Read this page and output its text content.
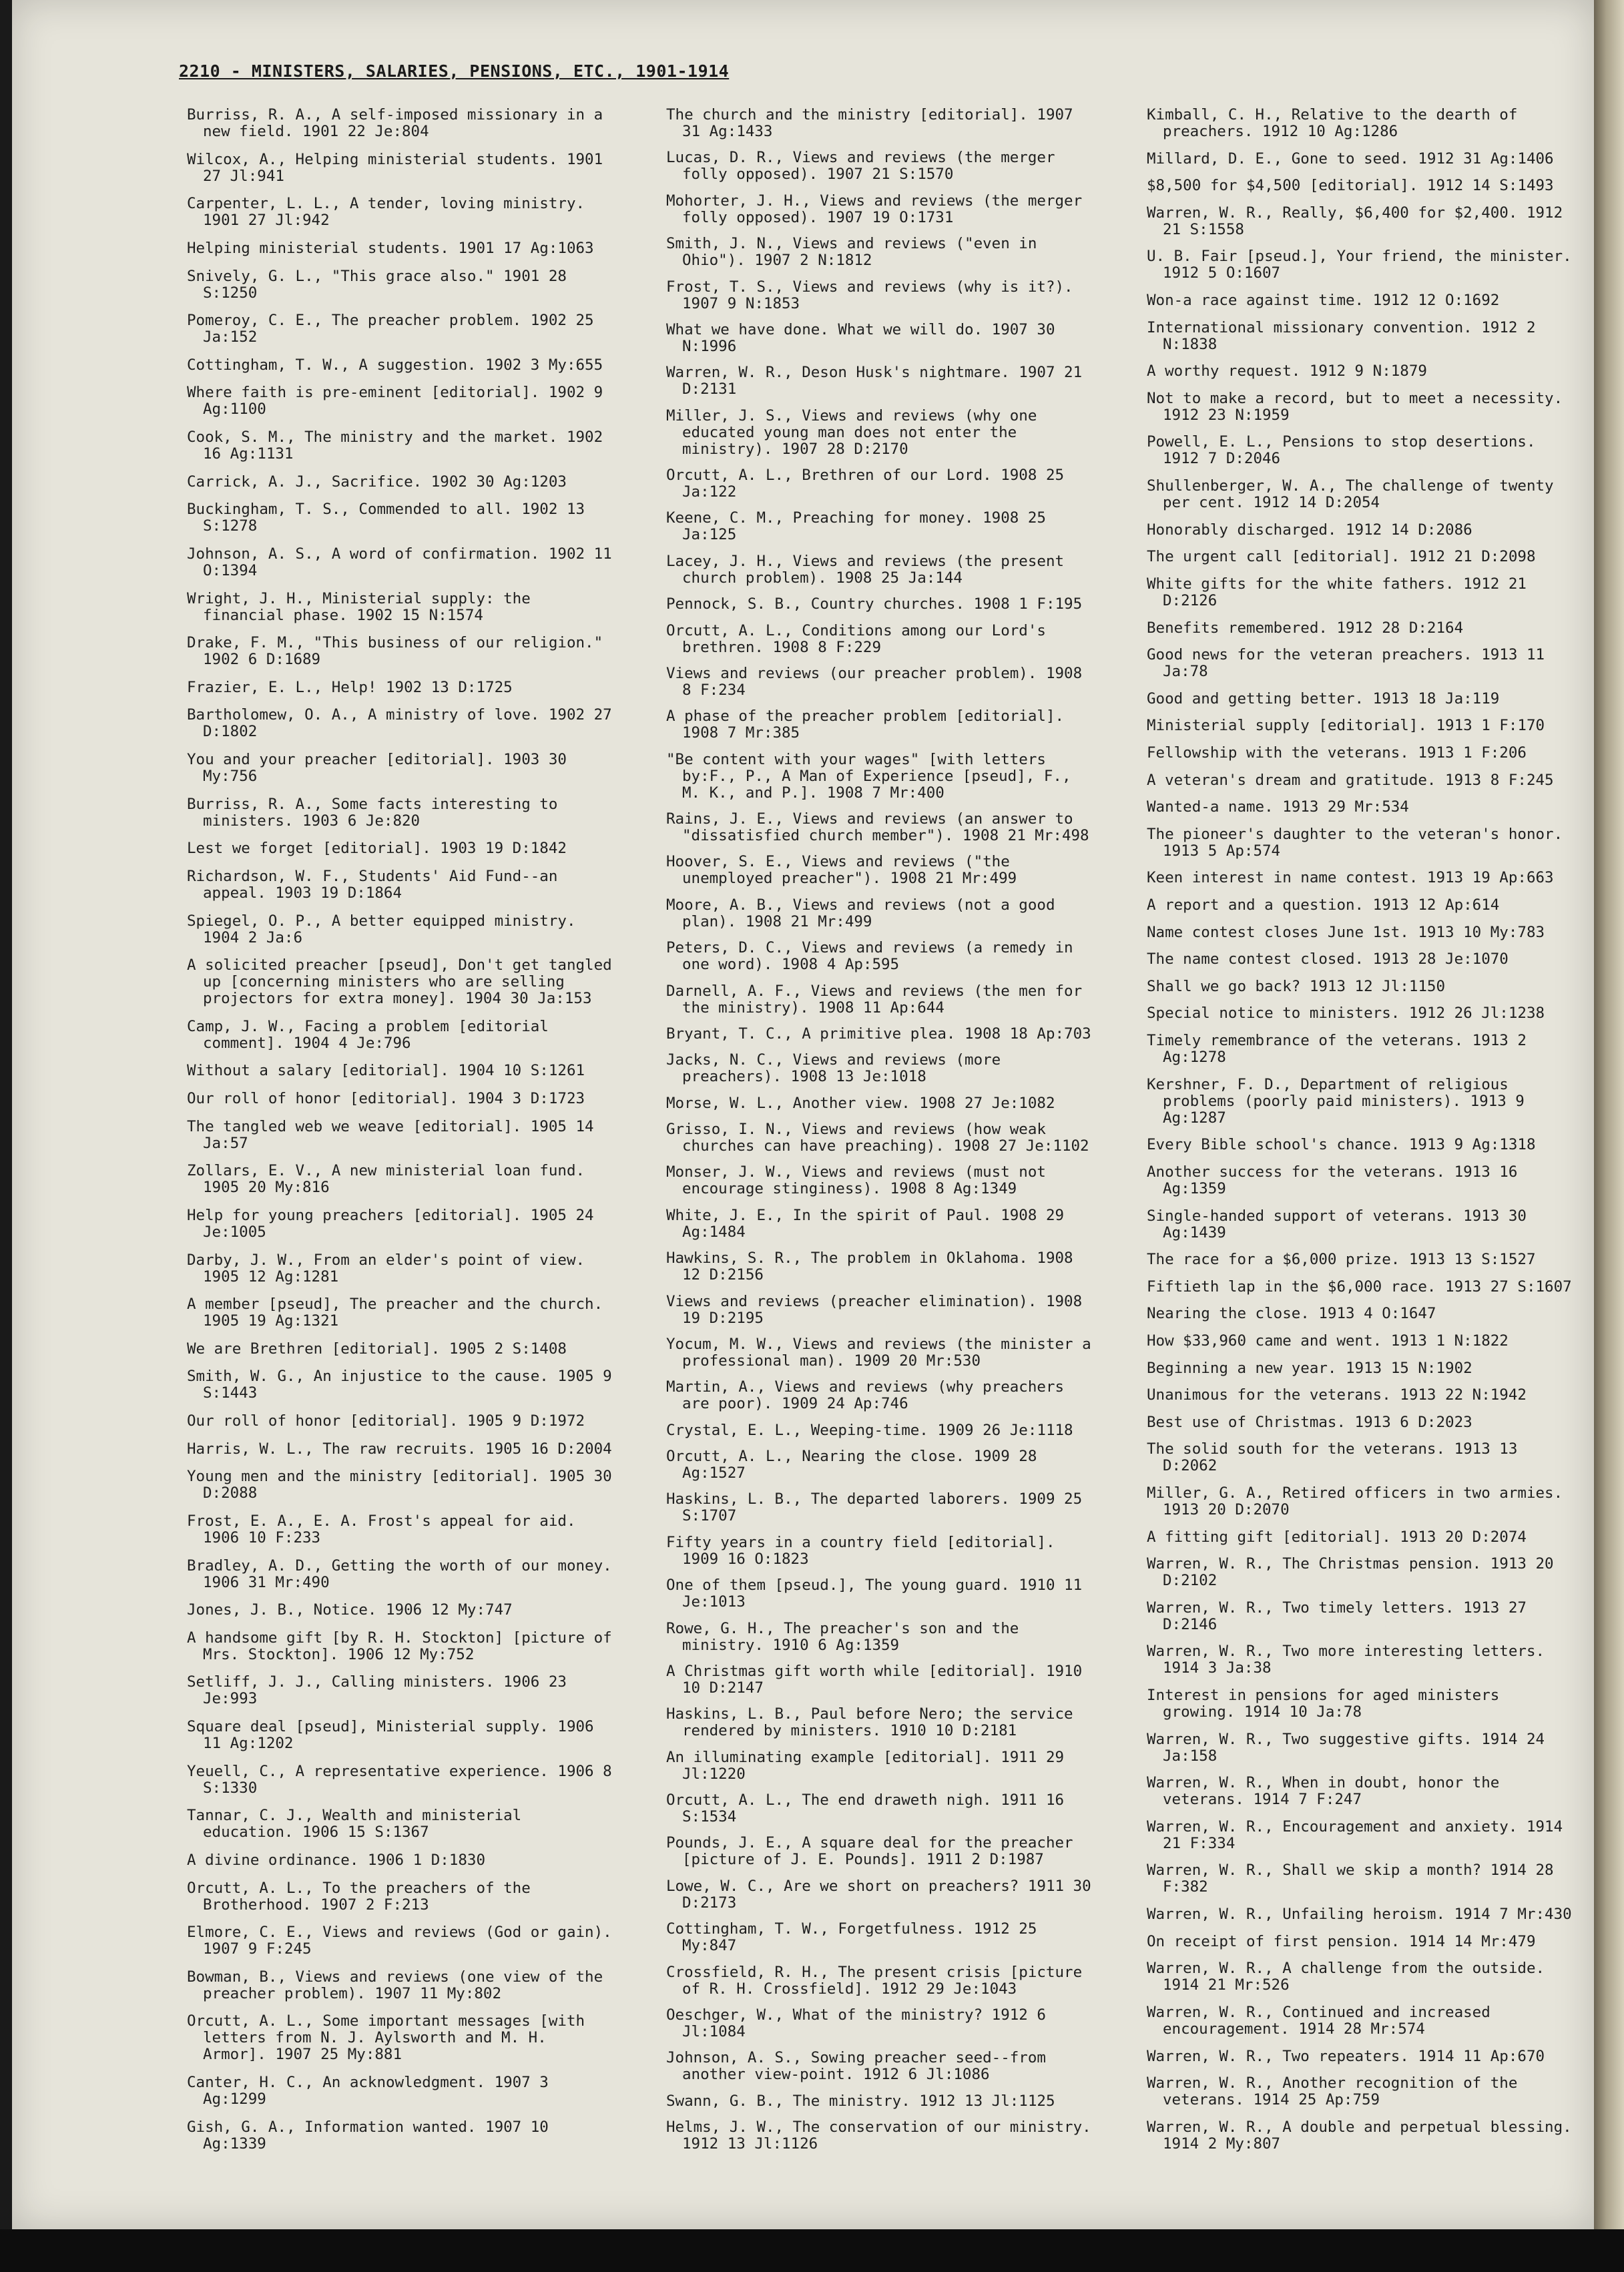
2210 - MINISTERS, SALARIES, PENSIONS, ETC., 1901-1914
Burriss, R. A., A self-imposed missionary in a new field. 1901 22 Je:804
Wilcox, A., Helping ministerial students. 1901 27 Jl:941
Carpenter, L. L., A tender, loving ministry. 1901 27 Jl:942
Helping ministerial students. 1901 17 Ag:1063
Snively, G. L., "This grace also." 1901 28 S:1250
Pomeroy, C. E., The preacher problem. 1902 25 Ja:152
Cottingham, T. W., A suggestion. 1902 3 My:655
Where faith is pre-eminent [editorial]. 1902 9 Ag:1100
Cook, S. M., The ministry and the market. 1902 16 Ag:1131
Carrick, A. J., Sacrifice. 1902 30 Ag:1203
Buckingham, T. S., Commended to all. 1902 13 S:1278
Johnson, A. S., A word of confirmation. 1902 11 O:1394
Wright, J. H., Ministerial supply: the financial phase. 1902 15 N:1574
Drake, F. M., "This business of our religion." 1902 6 D:1689
Frazier, E. L., Help! 1902 13 D:1725
Bartholomew, O. A., A ministry of love. 1902 27 D:1802
You and your preacher [editorial]. 1903 30 My:756
Burriss, R. A., Some facts interesting to ministers. 1903 6 Je:820
Lest we forget [editorial]. 1903 19 D:1842
Richardson, W. F., Students' Aid Fund--an appeal. 1903 19 D:1864
Spiegel, O. P., A better equipped ministry. 1904 2 Ja:6
A solicited preacher [pseud], Don't get tangled up [concerning ministers who are selling projectors for extra money]. 1904 30 Ja:153
Camp, J. W., Facing a problem [editorial comment]. 1904 4 Je:796
Without a salary [editorial]. 1904 10 S:1261
Our roll of honor [editorial]. 1904 3 D:1723
The tangled web we weave [editorial]. 1905 14 Ja:57
Zollars, E. V., A new ministerial loan fund. 1905 20 My:816
Help for young preachers [editorial]. 1905 24 Je:1005
Darby, J. W., From an elder's point of view. 1905 12 Ag:1281
A member [pseud], The preacher and the church. 1905 19 Ag:1321
We are Brethren [editorial]. 1905 2 S:1408
Smith, W. G., An injustice to the cause. 1905 9 S:1443
Our roll of honor [editorial]. 1905 9 D:1972
Harris, W. L., The raw recruits. 1905 16 D:2004
Young men and the ministry [editorial]. 1905 30 D:2088
Frost, E. A., E. A. Frost's appeal for aid. 1906 10 F:233
Bradley, A. D., Getting the worth of our money. 1906 31 Mr:490
Jones, J. B., Notice. 1906 12 My:747
A handsome gift [by R. H. Stockton] [picture of Mrs. Stockton]. 1906 12 My:752
Setliff, J. J., Calling ministers. 1906 23 Je:993
Square deal [pseud], Ministerial supply. 1906 11 Ag:1202
Yeuell, C., A representative experience. 1906 8 S:1330
Tannar, C. J., Wealth and ministerial education. 1906 15 S:1367
A divine ordinance. 1906 1 D:1830
Orcutt, A. L., To the preachers of the Brotherhood. 1907 2 F:213
Elmore, C. E., Views and reviews (God or gain). 1907 9 F:245
Bowman, B., Views and reviews (one view of the preacher problem). 1907 11 My:802
Orcutt, A. L., Some important messages [with letters from N. J. Aylsworth and M. H. Armor]. 1907 25 My:881
Canter, H. C., An acknowledgment. 1907 3 Ag:1299
Gish, G. A., Information wanted. 1907 10 Ag:1339
The church and the ministry [editorial]. 1907 31 Ag:1433
Lucas, D. R., Views and reviews (the merger folly opposed). 1907 21 S:1570
Mohorter, J. H., Views and reviews (the merger folly opposed). 1907 19 O:1731
Smith, J. N., Views and reviews ("even in Ohio"). 1907 2 N:1812
Frost, T. S., Views and reviews (why is it?). 1907 9 N:1853
What we have done. What we will do. 1907 30 N:1996
Warren, W. R., Deson Husk's nightmare. 1907 21 D:2131
Miller, J. S., Views and reviews (why one educated young man does not enter the ministry). 1907 28 D:2170
Orcutt, A. L., Brethren of our Lord. 1908 25 Ja:122
Keene, C. M., Preaching for money. 1908 25 Ja:125
Lacey, J. H., Views and reviews (the present church problem). 1908 25 Ja:144
Pennock, S. B., Country churches. 1908 1 F:195
Orcutt, A. L., Conditions among our Lord's brethren. 1908 8 F:229
Views and reviews (our preacher problem). 1908 8 F:234
A phase of the preacher problem [editorial]. 1908 7 Mr:385
"Be content with your wages" [with letters by:F., P., A Man of Experience [pseud], F., M. K., and P.]. 1908 7 Mr:400
Rains, J. E., Views and reviews (an answer to "dissatisfied church member"). 1908 21 Mr:498
Hoover, S. E., Views and reviews ("the unemployed preacher"). 1908 21 Mr:499
Moore, A. B., Views and reviews (not a good plan). 1908 21 Mr:499
Peters, D. C., Views and reviews (a remedy in one word). 1908 4 Ap:595
Darnell, A. F., Views and reviews (the men for the ministry). 1908 11 Ap:644
Bryant, T. C., A primitive plea. 1908 18 Ap:703
Jacks, N. C., Views and reviews (more preachers). 1908 13 Je:1018
Morse, W. L., Another view. 1908 27 Je:1082
Grisso, I. N., Views and reviews (how weak churches can have preaching). 1908 27 Je:1102
Monser, J. W., Views and reviews (must not encourage stinginess). 1908 8 Ag:1349
White, J. E., In the spirit of Paul. 1908 29 Ag:1484
Hawkins, S. R., The problem in Oklahoma. 1908 12 D:2156
Views and reviews (preacher elimination). 1908 19 D:2195
Yocum, M. W., Views and reviews (the minister a professional man). 1909 20 Mr:530
Martin, A., Views and reviews (why preachers are poor). 1909 24 Ap:746
Crystal, E. L., Weeping-time. 1909 26 Je:1118
Orcutt, A. L., Nearing the close. 1909 28 Ag:1527
Haskins, L. B., The departed laborers. 1909 25 S:1707
Fifty years in a country field [editorial]. 1909 16 O:1823
One of them [pseud.], The young guard. 1910 11 Je:1013
Rowe, G. H., The preacher's son and the ministry. 1910 6 Ag:1359
A Christmas gift worth while [editorial]. 1910 10 D:2147
Haskins, L. B., Paul before Nero; the service rendered by ministers. 1910 10 D:2181
An illuminating example [editorial]. 1911 29 Jl:1220
Orcutt, A. L., The end draweth nigh. 1911 16 S:1534
Pounds, J. E., A square deal for the preacher [picture of J. E. Pounds]. 1911 2 D:1987
Lowe, W. C., Are we short on preachers? 1911 30 D:2173
Cottingham, T. W., Forgetfulness. 1912 25 My:847
Crossfield, R. H., The present crisis [picture of R. H. Crossfield]. 1912 29 Je:1043
Oeschger, W., What of the ministry? 1912 6 Jl:1084
Johnson, A. S., Sowing preacher seed--from another view-point. 1912 6 Jl:1086
Swann, G. B., The ministry. 1912 13 Jl:1125
Helms, J. W., The conservation of our ministry. 1912 13 Jl:1126
Kimball, C. H., Relative to the dearth of preachers. 1912 10 Ag:1286
Millard, D. E., Gone to seed. 1912 31 Ag:1406
$8,500 for $4,500 [editorial]. 1912 14 S:1493
Warren, W. R., Really, $6,400 for $2,400. 1912 21 S:1558
U. B. Fair [pseud.], Your friend, the minister. 1912 5 O:1607
Won-a race against time. 1912 12 O:1692
International missionary convention. 1912 2 N:1838
A worthy request. 1912 9 N:1879
Not to make a record, but to meet a necessity. 1912 23 N:1959
Powell, E. L., Pensions to stop desertions. 1912 7 D:2046
Shullenberger, W. A., The challenge of twenty per cent. 1912 14 D:2054
Honorably discharged. 1912 14 D:2086
The urgent call [editorial]. 1912 21 D:2098
White gifts for the white fathers. 1912 21 D:2126
Benefits remembered. 1912 28 D:2164
Good news for the veteran preachers. 1913 11 Ja:78
Good and getting better. 1913 18 Ja:119
Ministerial supply [editorial]. 1913 1 F:170
Fellowship with the veterans. 1913 1 F:206
A veteran's dream and gratitude. 1913 8 F:245
Wanted-a name. 1913 29 Mr:534
The pioneer's daughter to the veteran's honor. 1913 5 Ap:574
Keen interest in name contest. 1913 19 Ap:663
A report and a question. 1913 12 Ap:614
Name contest closes June 1st. 1913 10 My:783
The name contest closed. 1913 28 Je:1070
Shall we go back? 1913 12 Jl:1150
Special notice to ministers. 1912 26 Jl:1238
Timely remembrance of the veterans. 1913 2 Ag:1278
Kershner, F. D., Department of religious problems (poorly paid ministers). 1913 9 Ag:1287
Every Bible school's chance. 1913 9 Ag:1318
Another success for the veterans. 1913 16 Ag:1359
Single-handed support of veterans. 1913 30 Ag:1439
The race for a $6,000 prize. 1913 13 S:1527
Fiftieth lap in the $6,000 race. 1913 27 S:1607
Nearing the close. 1913 4 O:1647
How $33,960 came and went. 1913 1 N:1822
Beginning a new year. 1913 15 N:1902
Unanimous for the veterans. 1913 22 N:1942
Best use of Christmas. 1913 6 D:2023
The solid south for the veterans. 1913 13 D:2062
Miller, G. A., Retired officers in two armies. 1913 20 D:2070
A fitting gift [editorial]. 1913 20 D:2074
Warren, W. R., The Christmas pension. 1913 20 D:2102
Warren, W. R., Two timely letters. 1913 27 D:2146
Warren, W. R., Two more interesting letters. 1914 3 Ja:38
Interest in pensions for aged ministers growing. 1914 10 Ja:78
Warren, W. R., Two suggestive gifts. 1914 24 Ja:158
Warren, W. R., When in doubt, honor the veterans. 1914 7 F:247
Warren, W. R., Encouragement and anxiety. 1914 21 F:334
Warren, W. R., Shall we skip a month? 1914 28 F:382
Warren, W. R., Unfailing heroism. 1914 7 Mr:430
On receipt of first pension. 1914 14 Mr:479
Warren, W. R., A challenge from the outside. 1914 21 Mr:526
Warren, W. R., Continued and increased encouragement. 1914 28 Mr:574
Warren, W. R., Two repeaters. 1914 11 Ap:670
Warren, W. R., Another recognition of the veterans. 1914 25 Ap:759
Warren, W. R., A double and perpetual blessing. 1914 2 My:807
